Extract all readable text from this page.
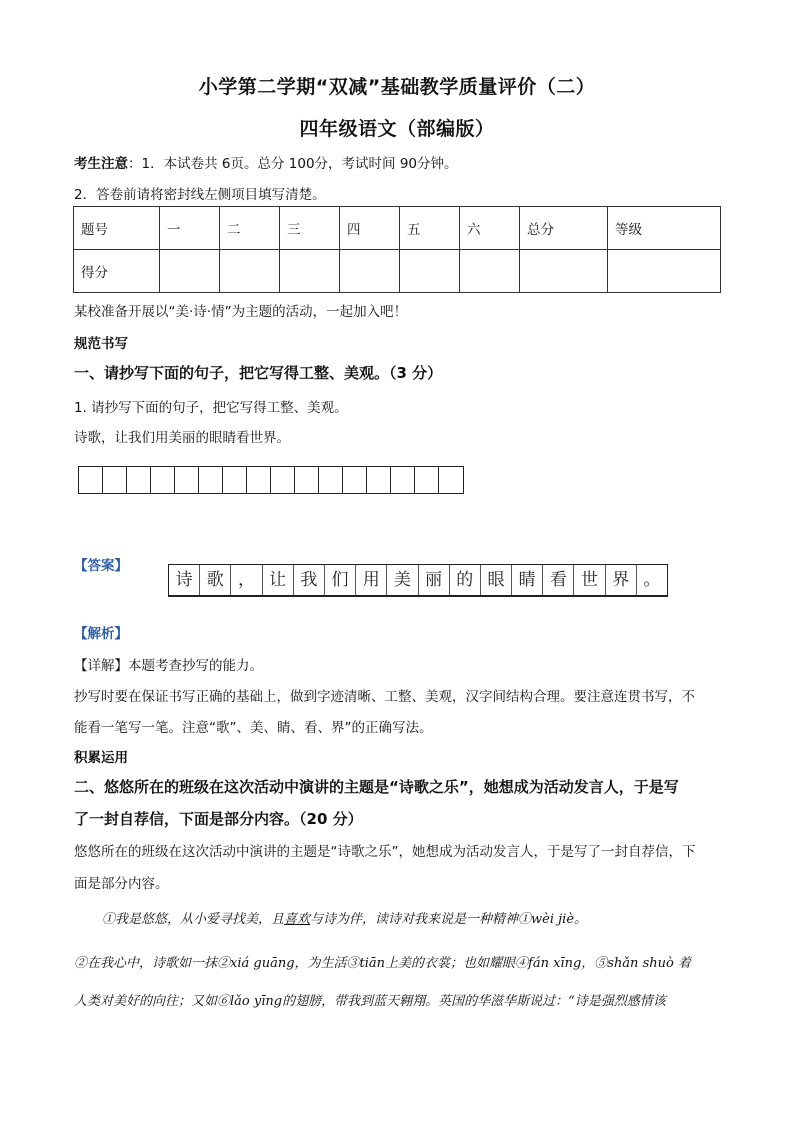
小学第二学期“双减”基础教学质量评价（二）
四年级语文（部编版）
考生注意：1．本试卷共 6页。总分 100分，考试时间 90分钟。
2．答卷前请将密封线左侧项目填写清楚。
题号	一	二	三	四	五	六	总分	等级
得分								
某校准备开展以“美·诗·情”为主题的活动，一起加入吧！
规范书写
一、请抄写下面的句子，把它写得工整、美观。（3 分）
1. 请抄写下面的句子，把它写得工整、美观。
诗歌，让我们用美丽的眼睛看世界。
【答案】
诗 歌 ， 让 我 们 用 美 丽 的 眼 睛 看 世 界 。
【解析】
【详解】本题考查抄写的能力。
抄写时要在保证书写正确的基础上，做到字迹清晰、工整、美观，汉字间结构合理。要注意连贯书写，不
能看一笔写一笔。注意“歌”、美、睛、看、界”的正确写法。
积累运用
二、悠悠所在的班级在这次活动中演讲的主题是“诗歌之乐”，她想成为活动发言人，于是写
了一封自荐信，下面是部分内容。（20 分）
悠悠所在的班级在这次活动中演讲的主题是“诗歌之乐”，她想成为活动发言人，于是写了一封自荐信，下
面是部分内容。
①我是悠悠，从小爱寻找美，且喜欢与诗为伴，读诗对我来说是一种精神①wèi jiè。
②在我心中，诗歌如一抹②xiá guāng，为生活③tiān上美的衣裳；也如耀眼④fán xīng，⑤shǎn shuò 着
人类对美好的向往；又如⑥lǎo yīng的翅膀，带我到蓝天翱翔。英国的华滋华斯说过：“诗是强烈感情该
